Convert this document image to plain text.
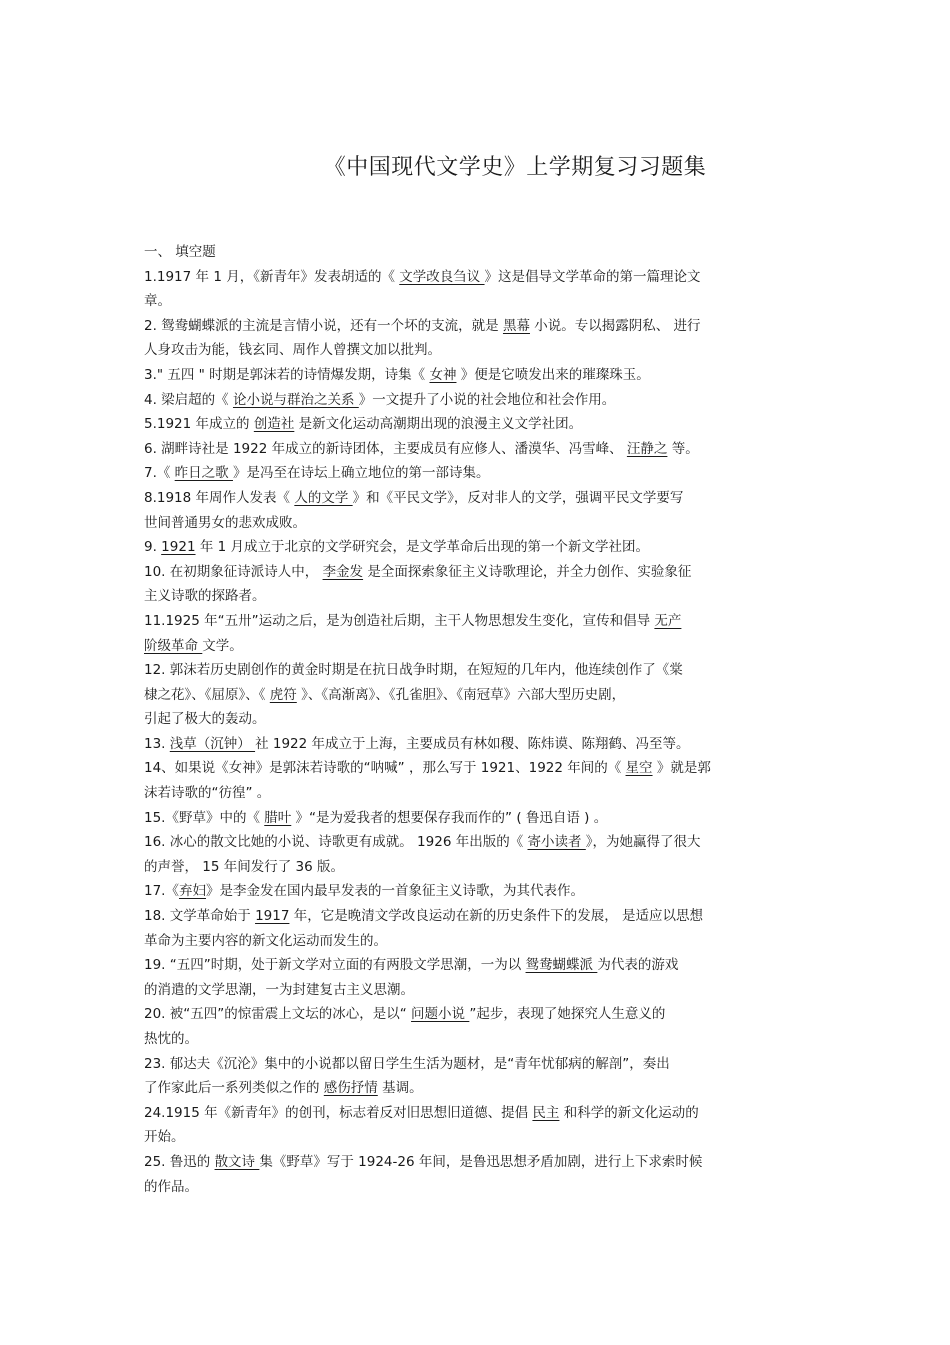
《中国现代文学史》上学期复习习题集
一、 填空题
1.1917 年 1 月，《新青年》发表胡适的《 文学改良刍议 》这是倡导文学革命的第一篇理论文
章。
2. 鸳鸯蝴蝶派的主流是言情小说，还有一个坏的支流，就是 黑幕 小说。专以揭露阴私、 进行
人身攻击为能，钱玄同、周作人曾撰文加以批判。
3." 五四 " 时期是郭沫若的诗情爆发期，诗集《 女神 》便是它喷发出来的璀璨珠玉。
4. 梁启超的《 论小说与群治之关系 》一文提升了小说的社会地位和社会作用。
5.1921 年成立的 创造社 是新文化运动高潮期出现的浪漫主义文学社团。
6. 湖畔诗社是 1922 年成立的新诗团体，主要成员有应修人、潘漠华、冯雪峰、 汪静之 等。
7.《 昨日之歌 》是冯至在诗坛上确立地位的第一部诗集。
8.1918 年周作人发表《 人的文学 》和《平民文学》，反对非人的文学，强调平民文学要写
世间普通男女的悲欢成败。
9. 1921 年 1 月成立于北京的文学研究会，是文学革命后出现的第一个新文学社团。
10. 在初期象征诗派诗人中， 李金发 是全面探索象征主义诗歌理论，并全力创作、实验象征
主义诗歌的探路者。
11.1925 年“五卅”运动之后，是为创造社后期，主干人物思想发生变化，宣传和倡导 无产
阶级革命 文学。
12. 郭沫若历史剧创作的黄金时期是在抗日战争时期，在短短的几年内，他连续创作了《棠
棣之花》、《屈原》、《 虎符 》、《高渐离》、《孔雀胆》、《南冠草》六部大型历史剧，
引起了极大的轰动。
13. 浅草（沉钟） 社 1922 年成立于上海，主要成员有林如稷、陈炜谟、陈翔鹤、冯至等。
14、如果说《女神》是郭沫若诗歌的“呐喊” ，那么写于 1921、1922 年间的《 星空 》就是郭
沫若诗歌的“彷徨” 。
15.《野草》中的《 腊叶 》“是为爱我者的想要保存我而作的” ( 鲁迅自语 ) 。
16. 冰心的散文比她的小说、诗歌更有成就。 1926 年出版的《 寄小读者 》，为她赢得了很大
的声誉， 15 年间发行了 36 版。
17.《弃妇》是李金发在国内最早发表的一首象征主义诗歌，为其代表作。
18. 文学革命始于 1917 年，它是晚清文学改良运动在新的历史条件下的发展， 是适应以思想
革命为主要内容的新文化运动而发生的。
19. “五四”时期，处于新文学对立面的有两股文学思潮，一为以 鸳鸯蝴蝶派 为代表的游戏
的消遣的文学思潮，一为封建复古主义思潮。
20. 被“五四”的惊雷震上文坛的冰心，是以“ 问题小说 ”起步，表现了她探究人生意义的
热忱的。
23. 郁达夫《沉沦》集中的小说都以留日学生生活为题材，是“青年忧郁病的解剖”，奏出
了作家此后一系列类似之作的 感伤抒情 基调。
24.1915 年《新青年》的创刊，标志着反对旧思想旧道德、提倡 民主 和科学的新文化运动的
开始。
25. 鲁迅的 散文诗 集《野草》写于 1924-26 年间，是鲁迅思想矛盾加剧，进行上下求索时候
的作品。
